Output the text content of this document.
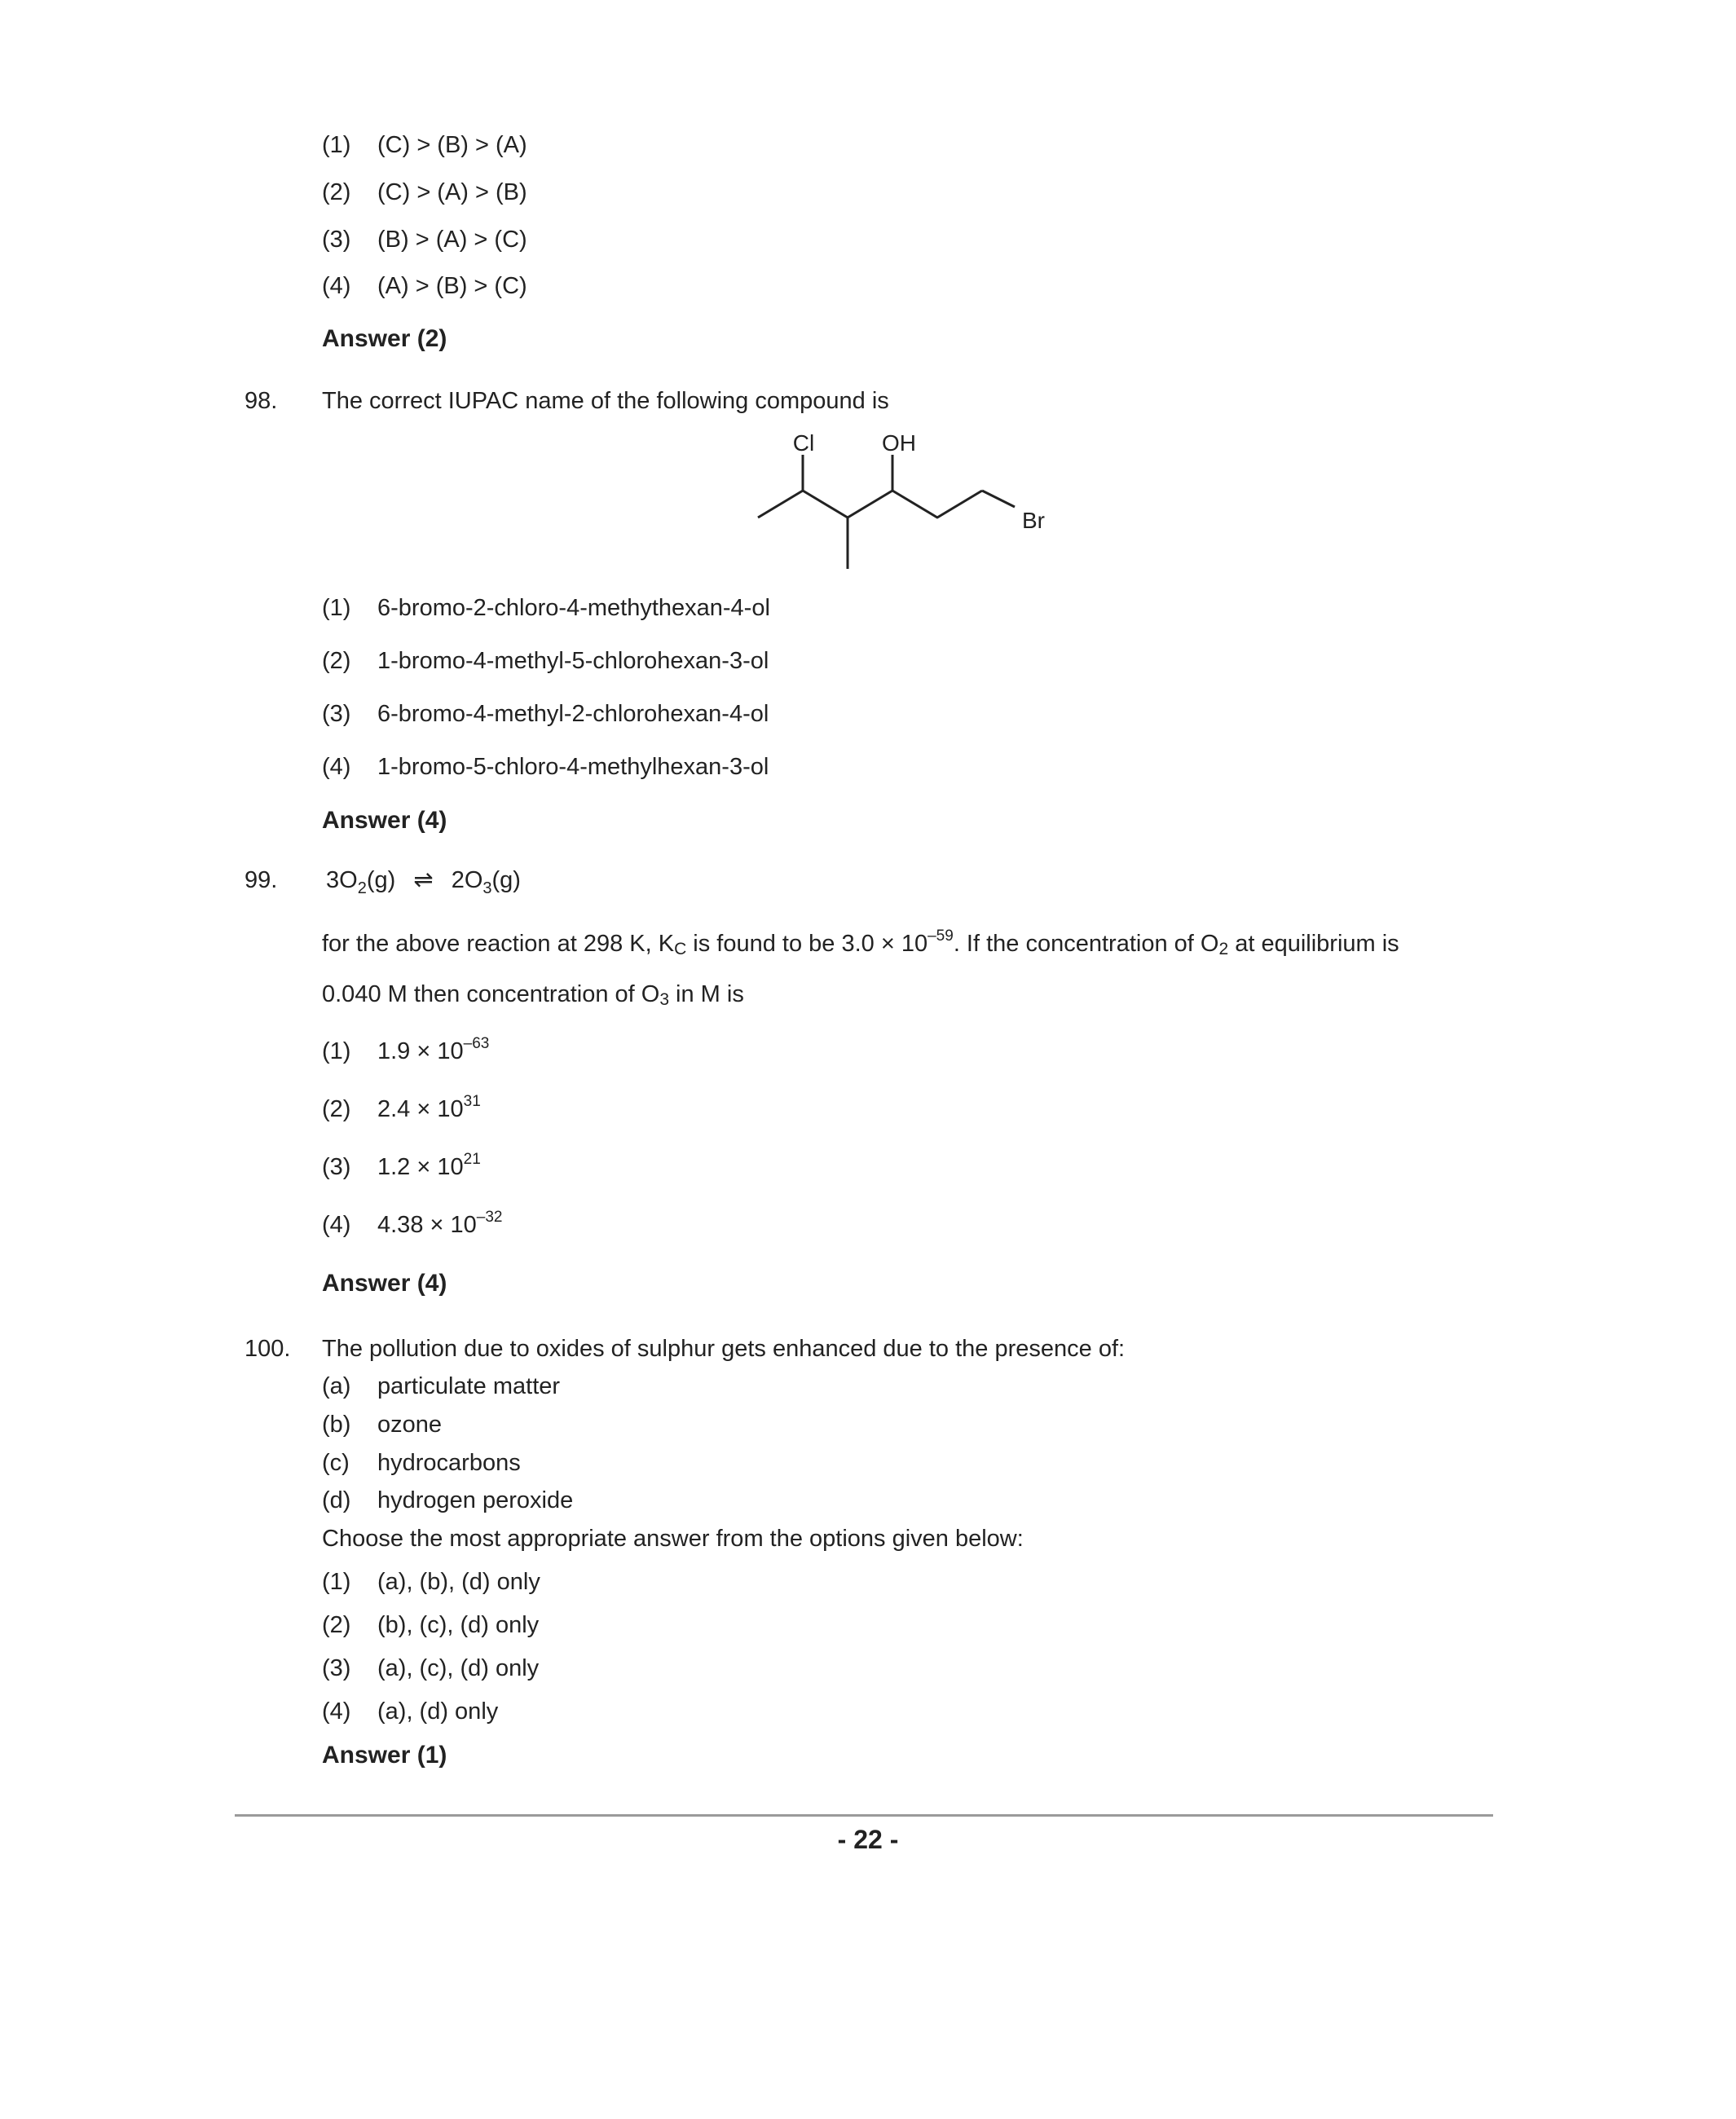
(1) (C) > (B) > (A)
(2) (C) > (A) > (B)
(3) (B) > (A) > (C)
(4) (A) > (B) > (C)
Answer (2)
98. The correct IUPAC name of the following compound is
Cl	OH
Br
(1) 6-bromo-2-chloro-4-methythexan-4-ol
(2) 1-bromo-4-methyl-5-chlorohexan-3-ol
(3) 6-bromo-4-methyl-2-chlorohexan-4-ol
(4) 1-bromo-5-chloro-4-methylhexan-3-ol
Answer (4)
99. $3O_2(g)$ ⇌ $2O_3(g)$
for the above reaction at 298 K, KC is found to be $3.0 \times 10^{-59}$. If the concentration of O2 at equilibrium is
0.040 M then concentration of O3 in M is
(1) $1.9 \times 10^{-63}$
(2) $2.4 \times 10^{31}$
(3) $1.2 \times 10^{21}$
(4) $4.38 \times 10^{-32}$
Answer (4)
100. The pollution due to oxides of sulphur gets enhanced due to the presence of:
(a) particulate matter
(b) ozone
(c) hydrocarbons
(d) hydrogen peroxide
Choose the most appropriate answer from the options given below:
(1) (a), (b), (d) only
(2) (b), (c), (d) only
(3) (a), (c), (d) only
(4) (a), (d) only
Answer (1)
- 22 -
